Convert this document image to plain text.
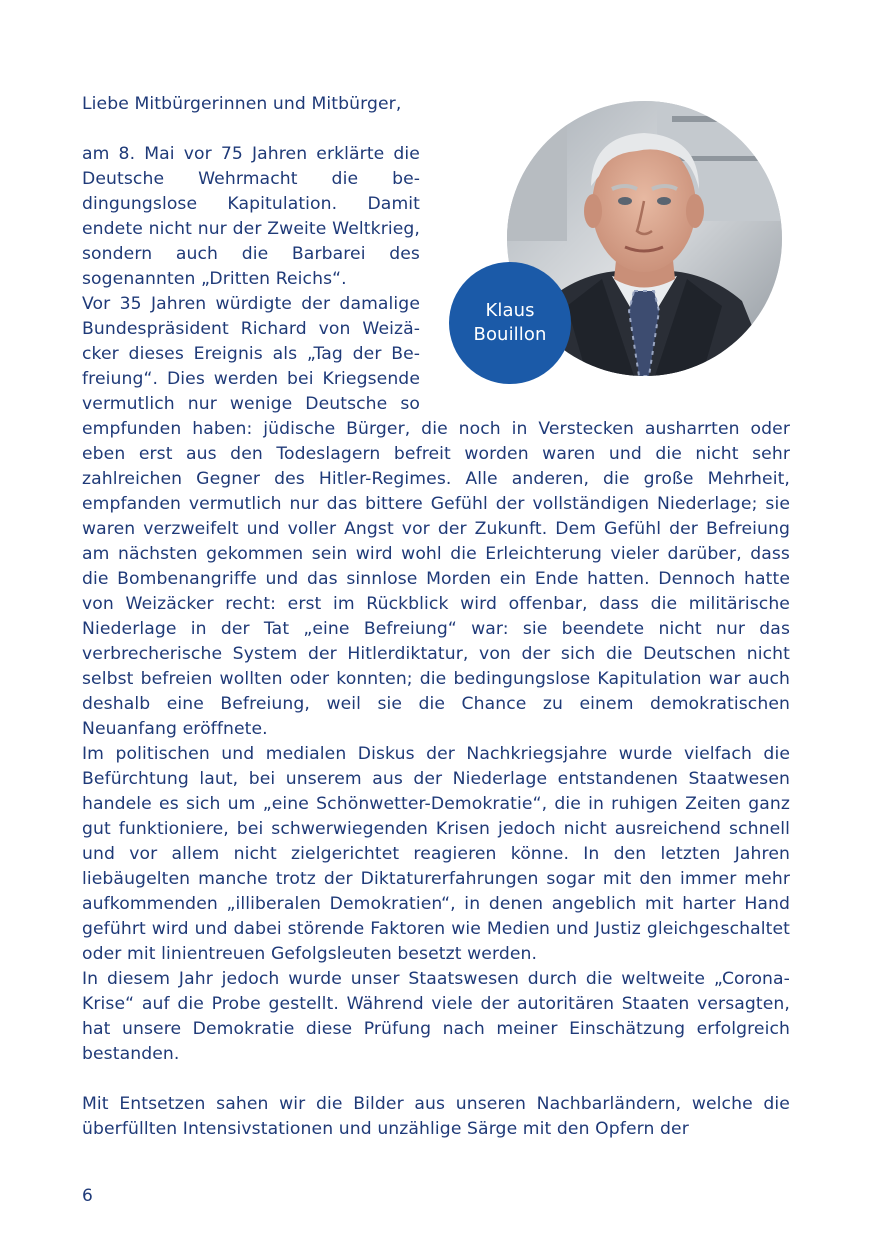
Klaus
Bouillon

Liebe Mitbürgerinnen und Mitbürger,

am 8. Mai vor 75 Jahren erklärte die Deutsche Wehrmacht die bedingungslose Kapitulation. Damit endete nicht nur der Zweite Weltkrieg, sondern auch die Barbarei des sogenannten „Dritten Reichs“.

Vor 35 Jahren würdigte der damalige Bundespräsident Richard von Weizäcker dieses Ereignis als „Tag der Befreiung“. Dies werden bei Kriegsende vermutlich nur wenige Deutsche so empfunden haben: jüdische Bürger, die noch in Verstecken ausharrten oder eben erst aus den Todeslagern befreit worden waren und die nicht sehr zahlreichen Gegner des Hitler-Regimes. Alle anderen, die große Mehrheit, empfanden vermutlich nur das bittere Gefühl der vollständigen Niederlage; sie waren verzweifelt und voller Angst vor der Zukunft. Dem Gefühl der Befreiung am nächsten gekommen sein wird wohl die Erleichterung vieler darüber, dass die Bombenangriffe und das sinnlose Morden ein Ende hatten. Dennoch hatte von Weizäcker recht: erst im Rückblick wird offenbar, dass die militärische Niederlage in der Tat „eine Befreiung“ war: sie beendete nicht nur das verbrecherische System der Hitlerdiktatur, von der sich die Deutschen nicht selbst befreien wollten oder konnten; die bedingungslose Kapitulation war auch deshalb eine Befreiung, weil sie die Chance zu einem demokratischen Neuanfang eröffnete.

Im politischen und medialen Diskus der Nachkriegsjahre wurde vielfach die Befürchtung laut, bei unserem aus der Niederlage entstandenen Staatwesen handele es sich um „eine Schönwetter-Demokratie“, die in ruhigen Zeiten ganz gut funktioniere, bei schwerwiegenden Krisen jedoch nicht ausreichend schnell und vor allem nicht zielgerichtet reagieren könne. In den letzten Jahren liebäugelten manche trotz der Diktaturerfahrungen sogar mit den immer mehr aufkommenden „illiberalen Demokratien“, in denen angeblich mit harter Hand geführt wird und dabei störende Faktoren wie Medien und Justiz gleichgeschaltet oder mit linientreuen Gefolgsleuten besetzt werden.

In diesem Jahr jedoch wurde unser Staatswesen durch die weltweite „Corona-Krise“ auf die Probe gestellt. Während viele der autoritären Staaten versagten, hat unsere Demokratie diese Prüfung nach meiner Einschätzung erfolgreich bestanden.

Mit Entsetzen sahen wir die Bilder aus unseren Nachbarländern, welche die überfüllten Intensivstationen und unzählige Särge mit den Opfern der

6
